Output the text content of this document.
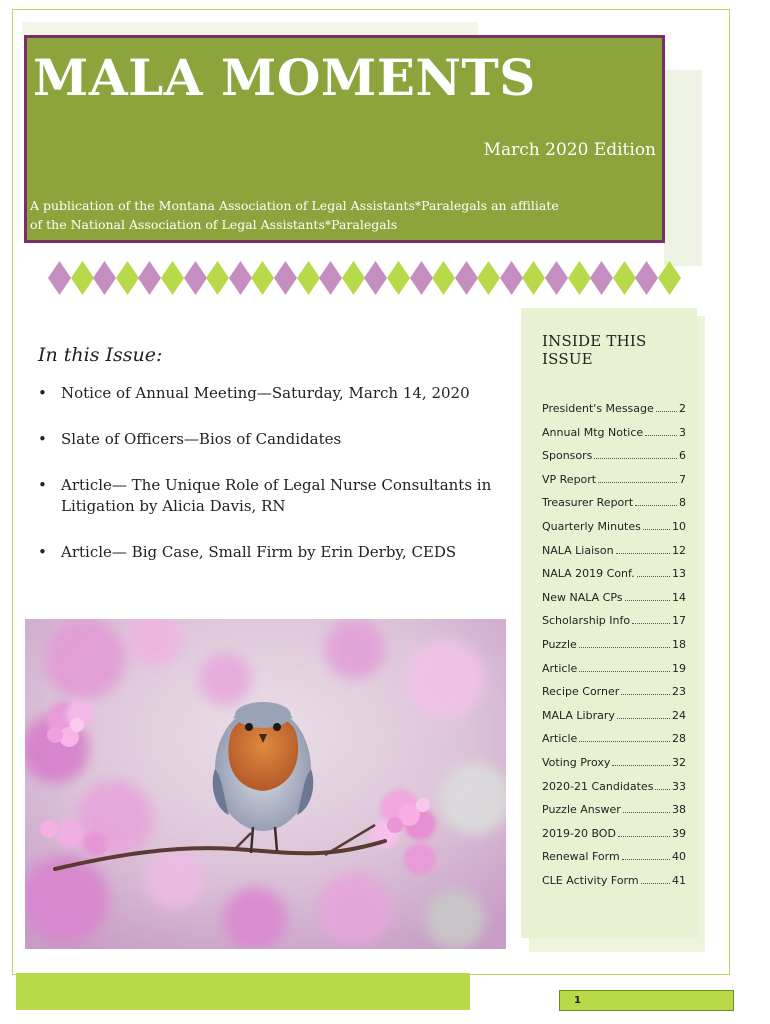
MALA MOMENTS
March 2020 Edition
A publication of the Montana Association of Legal Assistants*Paralegals an affiliate
of the National Association of Legal Assistants*Paralegals
In this Issue:
• Notice of Annual Meeting—Saturday, March 14, 2020
• Slate of Officers—Bios of Candidates
• Article— The Unique Role of Legal Nurse Consultants in Litigation by Alicia Davis, RN
• Article— Big Case, Small Firm by Erin Derby, CEDS
INSIDE THIS ISSUE
President's Message 2
Annual Mtg Notice	3
Sponsors	6
VP Report	7
Treasurer Report	8
Quarterly Minutes	10
NALA Liaison	12
NALA 2019 Conf.	13
New NALA CPs	14
Scholarship Info	17
Puzzle	18
Article	19
Recipe Corner	23
MALA Library	24
Article	28
Voting Proxy	32
2020-21 Candidates 33
Puzzle Answer	38
2019-20 BOD	39
Renewal Form	40
CLE Activity Form	41
1
